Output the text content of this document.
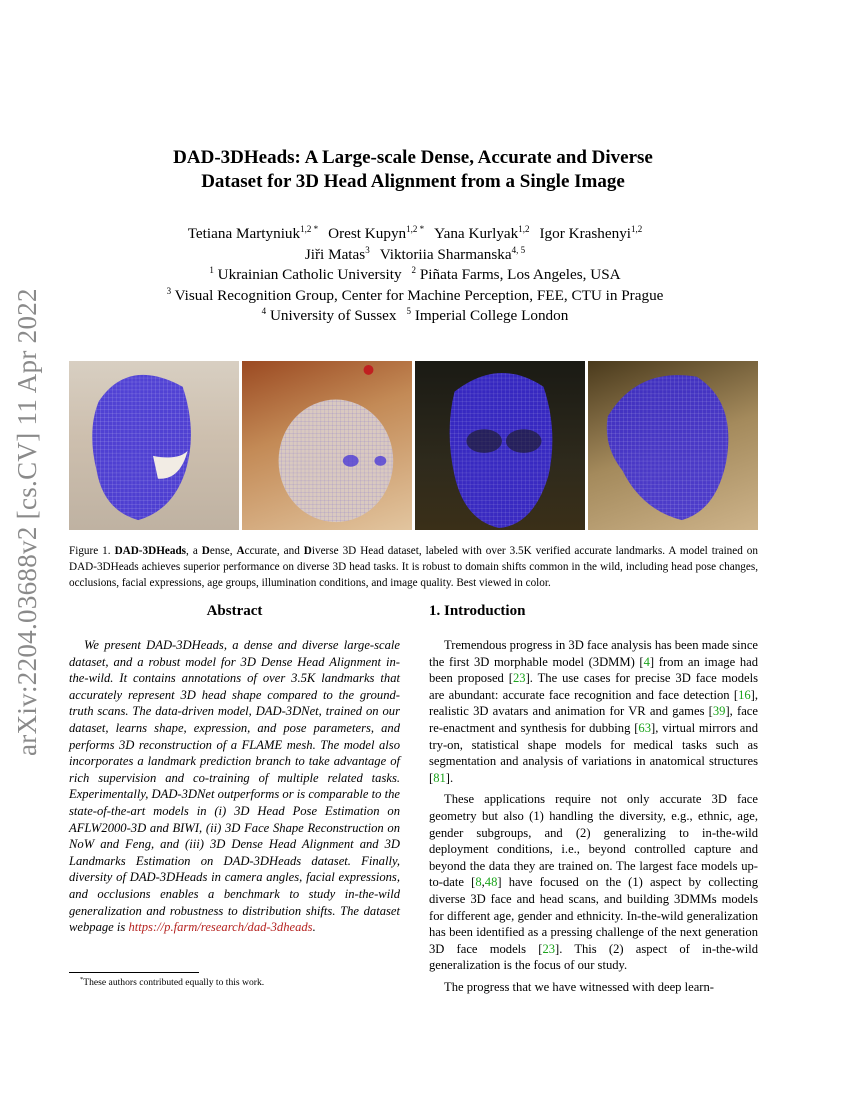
arXiv:2204.03688v2 [cs.CV] 11 Apr 2022
DAD-3DHeads: A Large-scale Dense, Accurate and Diverse
Dataset for 3D Head Alignment from a Single Image
Tetiana Martyniuk$^{1,2 *}$ Orest Kupyn$^{1,2 *}$ Yana Kurlyak$^{1,2}$ Igor Krashenyi$^{1,2}$
Jiři Matas$^3$ Viktoriia Sharmanska$^{4, 5}$
$^1$ Ukrainian Catholic University $^2$ Piñata Farms, Los Angeles, USA
$^3$ Visual Recognition Group, Center for Machine Perception, FEE, CTU in Prague
$^4$ University of Sussex $^5$ Imperial College London
Figure 1. DAD-3DHeads, a Dense, Accurate, and Diverse 3D Head dataset, labeled with over 3.5K verified accurate landmarks. A model trained on DAD-3DHeads achieves superior performance on diverse 3D head tasks. It is robust to domain shifts common in the wild, including head pose changes, occlusions, facial expressions, age groups, illumination conditions, and image quality. Best viewed in color.
Abstract

We present DAD-3DHeads, a dense and diverse large-scale dataset, and a robust model for 3D Dense Head Alignment in-the-wild. It contains annotations of over 3.5K landmarks that accurately represent 3D head shape compared to the ground-truth scans. The data-driven model, DAD-3DNet, trained on our dataset, learns shape, expression, and pose parameters, and performs 3D reconstruction of a FLAME mesh. The model also incorporates a landmark prediction branch to take advantage of rich supervision and co-training of multiple related tasks. Experimentally, DAD-3DNet outperforms or is comparable to the state-of-the-art models in (i) 3D Head Pose Estimation on AFLW2000-3D and BIWI, (ii) 3D Face Shape Reconstruction on NoW and Feng, and (iii) 3D Dense Head Alignment and 3D Landmarks Estimation on DAD-3DHeads dataset. Finally, diversity of DAD-3DHeads in camera angles, facial expressions, and occlusions enables a benchmark to study in-the-wild generalization and robustness to distribution shifts. The dataset webpage is https://p.farm/research/dad-3dheads.

1. Introduction

Tremendous progress in 3D face analysis has been made since the first 3D morphable model (3DMM) [4] from an image had been proposed [23]. The use cases for precise 3D face models are abundant: accurate face recognition and face detection [16], realistic 3D avatars and animation for VR and games [39], face re-enactment and synthesis for dubbing [63], virtual mirrors and try-on, statistical shape models for medical tasks such as segmentation and analysis of variations in anatomical structures [81].

These applications require not only accurate 3D face geometry but also (1) handling the diversity, e.g., ethnic, age, gender subgroups, and (2) generalizing to in-the-wild deployment conditions, i.e., beyond controlled capture and beyond the data they are trained on. The largest face models up-to-date [8,48] have focused on the (1) aspect by collecting diverse 3D face and head scans, and building 3DMMs models for different age, gender and ethnicity. In-the-wild generalization has been identified as a pressing challenge of the next generation 3D face models [23]. This (2) aspect of in-the-wild generalization is the focus of our study.

The progress that we have witnessed with deep learn-

*These authors contributed equally to this work.
